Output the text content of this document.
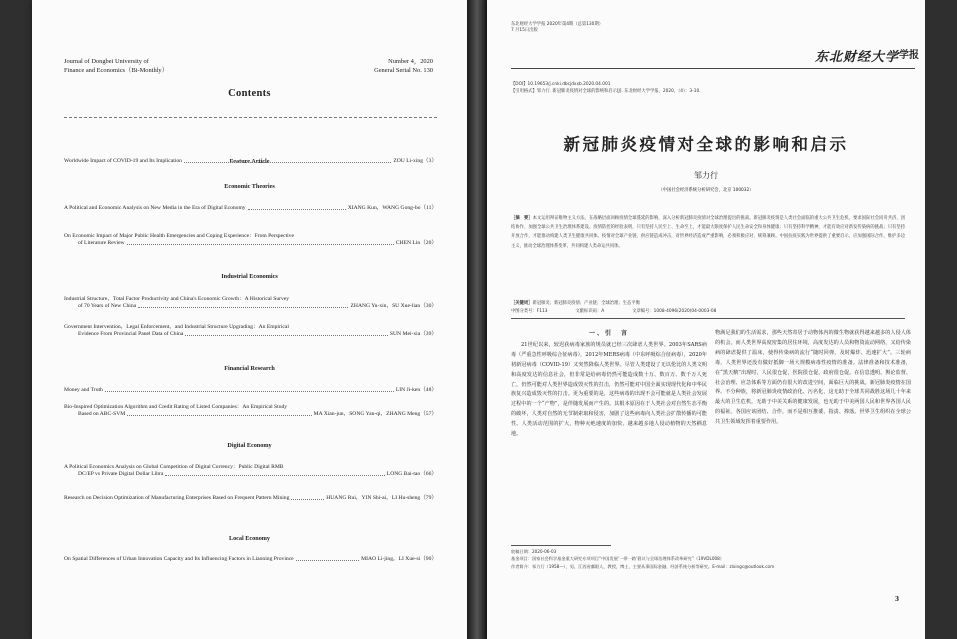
Journal of Dongbei University of
Finance and Economics（Bi-Monthly）
Number 4，2020
General Serial No. 130
Contents
Feature Article
Worldwide Impact of COVID-19 and Its Implication	ZOU Li-xing （3）
Economic Theories
A Political and Economic Analysis on New Media in the Era of Digital Economy	XIANG Kun，WANG Gong-bo （11）
On Economic Impact of Major Public Health Emergencies and Coping Experience：From Perspective
of Literature Review	CHEN Lin （20）
Industrial Economics
Industrial Structure，Total Factor Productivity and China's Economic Growth：A Historical Survey
of 70 Years of New China	ZHANG Yu-xin，SU Xue-lian （30）
Government Intervention，Legal Enforcement，and Industrial Structure Upgrading：An Empirical
Evidence From Provincial Panel Data of China	SUN Mei-xia （39）
Financial Research
Money and Truth	LIN Ji-ken （48）
Bio-Inspired Optimization Algorithm and Credit Rating of Listed Companies：An Empirical Study
Based on ABC-SVM	MA Xian-jun，SONG Yan-qi，ZHANG Meng （57）
Digital Economy
A Political Economics Analysis on Global Competition of Digital Currency：Public Digital RMB
DC/EP vs Private Digital Dollar Libra	LONG Bai-tao （66）
Research on Decision Optimization of Manufacturing Enterprises Based on Frequent Pattern Mining	HUANG Rui，YIN Shi-ai，LI Hu-sheng （79）
Local Economy
On Spatial Differences of Urban Innovation Capacity and Its Influencing Factors in Liaoning Province	MIAO Li-jing，LI Xue-si （90）
东北财经大学学报 2020年第4期（总第130期）
7 月15日出版
东北财经大学 学报
【DOI】10.19653/j.cnki.dbcjdxxb.2020.04.001
【引用格式】邹力行. 新冠肺炎疫情对全球的影响和启示[J]. 东北财经大学学报，2020，（4）：3-10.
新冠肺炎疫情对全球的影响和启示
邹力行
（中国社会经济系统分析研究会，北京 100032）
［摘　要］本文运用辩证唯物主义方法，在战略层面回顾疫情全球蔓延的影响，深入分析新冠肺炎疫情对全球治理提出的挑战。新冠肺炎疫情是人类社会面临的重大公共卫生危机，要求国际社会同舟共济、团结协作、加强全球公共卫生治理体系建设。疫情防控的经验表明，只有坚持人民至上、生命至上，才能最大限度保护人民生命安全和身体健康；只有坚持科学精神，才能有效应对新发传染病的挑战；只有坚持开放合作，才能推动构建人类卫生健康共同体。疫情对全球产业链、供应链造成冲击，对世界经济造成严重影响，必须积极应对、统筹兼顾。中国抗疫实践为世界提供了重要启示，应加强国际合作，维护多边主义，推动全球治理体系变革，共同构建人类命运共同体。
［关键词］新冠肺炎；新冠肺炎疫情；产业链；全球治理；生态平衡
中图分类号：F113	文献标识码：A	文章编号：1008-4096(2020)04-0003-08
一、引　言
21世纪以来，较迟获病毒家族的规员就已经三次肆虐人类世界。2003年SARS病毒（严重急性呼吸综合征病毒），2012年MERS病毒（中东呼吸综合征病毒），2020年初新冠病毒（COVID-19）又突然降临人类世界。尽管人类建设了无以伦比的人类文明和高度发达的信息社会，但非常是给病毒仍然可能造成数十万、数百万、数千万人死亡，仍然可能对人类世界造成毁灭性的打击，仍然可能对中国全面实现现代化和中华民族复兴造成毁灭性的打击。更为重要的是，这些病毒的出现不会可能就是人类社会发展过程中的一个“产物”，是伴随发展而产生的。其根本原因在于人类社会对自然生态平衡的破坏，人类对自然的无节制索取和侵害，加剧了这些病毒向人类社会扩散传播的可能性。人类活动范围的扩大，物种灭绝速度的加快，越来越多地人侵动植物的天然栖息地。
物满足我们的生活需求，那些天然寄居于动物体内的微生物就获得越来越多的人侵人体的机会。而人类世界高度密集的居住环境，高度发达的人员和物资流动网络，又给传染病的肆虐提供了温床，使得传染病的流行“随时回弹，及时爆炸、迅速扩大”。三轮病毒，人类世界还没有做好抵御一场大规模病毒性疫情的准备。法律准备和技术准备，在“黑天鹅”出现时，人民很仓促，医院很仓促，政府很仓促。在信息透明、舆论监督、社会治理、应急体系等方面仍有很大的改进空间，面临巨大的挑战。新冠肺炎疫情在国界、不分种族，将新冠肺炎疫情政治化、污名化，这无助于全球共同战胜这场几十年来最大的卫生危机。无助于中美关系的健康发展，也无助于中美两国人民和世界各国人民的福祉。各国应该团结、合作，而不是相互推诿、指责、捧落。世界卫生组织在全球公共卫生领域发挥着重要作用。
收稿日期：2020-06-03
基金项目：国家社会科学基金重大研究专项项目“中国发展‘一带一路’倡议与全球治理体系改革研究”（19VDL008）
作者简介：邹力行（1958—），男，江西省鄱阳人，教授，博士，主要从事国际金融、经济系统分析等研究。E-mail：zlxingc@outlook.com
3
